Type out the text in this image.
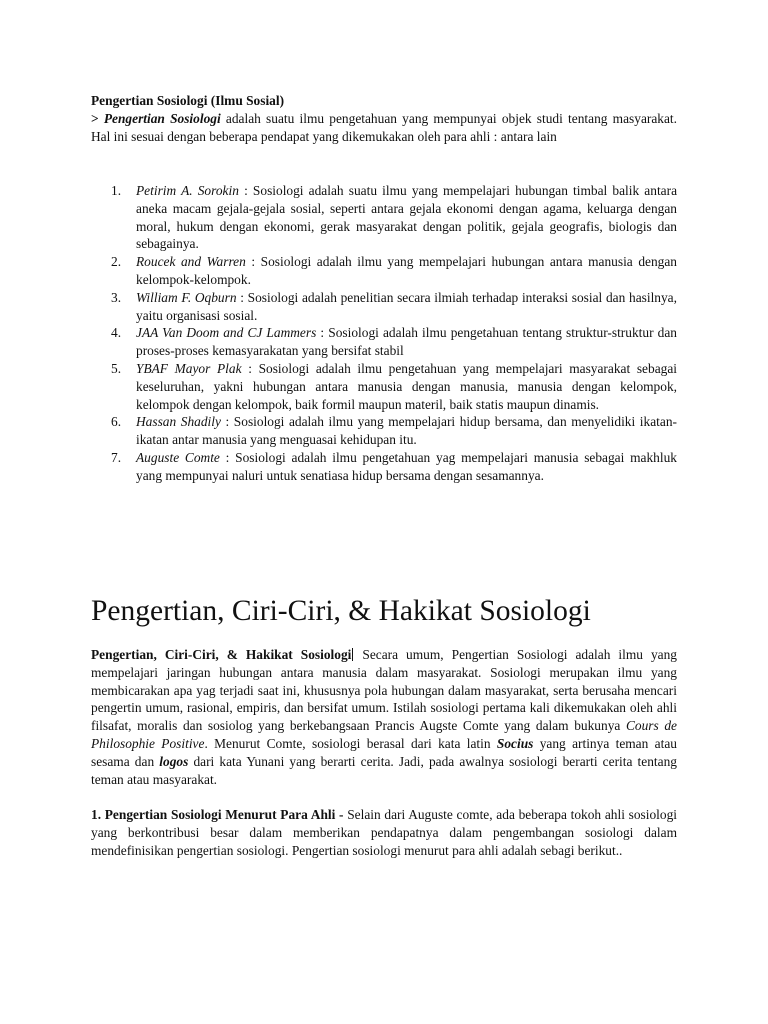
Pengertian Sosiologi (Ilmu Sosial)
> Pengertian Sosiologi adalah suatu ilmu pengetahuan yang mempunyai objek studi tentang masyarakat. Hal ini sesuai dengan beberapa pendapat yang dikemukakan oleh para ahli : antara lain
1. Petirim A. Sorokin : Sosiologi adalah suatu ilmu yang mempelajari hubungan timbal balik antara aneka macam gejala-gejala sosial, seperti antara gejala ekonomi dengan agama, keluarga dengan moral, hukum dengan ekonomi, gerak masyarakat dengan politik, gejala geografis, biologis dan sebagainya.
2. Roucek and Warren : Sosiologi adalah ilmu yang mempelajari hubungan antara manusia dengan kelompok-kelompok.
3. William F. Oqburn : Sosiologi adalah penelitian secara ilmiah terhadap interaksi sosial dan hasilnya, yaitu organisasi sosial.
4. JAA Van Doom and CJ Lammers : Sosiologi adalah ilmu pengetahuan tentang struktur-struktur dan proses-proses kemasyarakatan yang bersifat stabil
5. YBAF Mayor Plak : Sosiologi adalah ilmu pengetahuan yang mempelajari masyarakat sebagai keseluruhan, yakni hubungan antara manusia dengan manusia, manusia dengan kelompok, kelompok dengan kelompok, baik formil maupun materil, baik statis maupun dinamis.
6. Hassan Shadily : Sosiologi adalah ilmu yang mempelajari hidup bersama, dan menyelidiki ikatan-ikatan antar manusia yang menguasai kehidupan itu.
7. Auguste Comte : Sosiologi adalah ilmu pengetahuan yag mempelajari manusia sebagai makhluk yang mempunyai naluri untuk senatiasa hidup bersama dengan sesamannya.
Pengertian, Ciri-Ciri, & Hakikat Sosiologi
Pengertian, Ciri-Ciri, & Hakikat Sosiologi Secara umum, Pengertian Sosiologi adalah ilmu yang mempelajari jaringan hubungan antara manusia dalam masyarakat. Sosiologi merupakan ilmu yang membicarakan apa yag terjadi saat ini, khususnya pola hubungan dalam masyarakat, serta berusaha mencari pengertin umum, rasional, empiris, dan bersifat umum. Istilah sosiologi pertama kali dikemukakan oleh ahli filsafat, moralis dan sosiolog yang berkebangsaan Prancis Augste Comte yang dalam bukunya Cours de Philosophie Positive. Menurut Comte, sosiologi berasal dari kata latin Socius yang artinya teman atau sesama dan logos dari kata Yunani yang berarti cerita. Jadi, pada awalnya sosiologi berarti cerita tentang teman atau masyarakat.
1. Pengertian Sosiologi Menurut Para Ahli - Selain dari Auguste comte, ada beberapa tokoh ahli sosiologi yang berkontribusi besar dalam memberikan pendapatnya dalam pengembangan sosiologi dalam mendefinisikan pengertian sosiologi. Pengertian sosiologi menurut para ahli adalah sebagi berikut..
